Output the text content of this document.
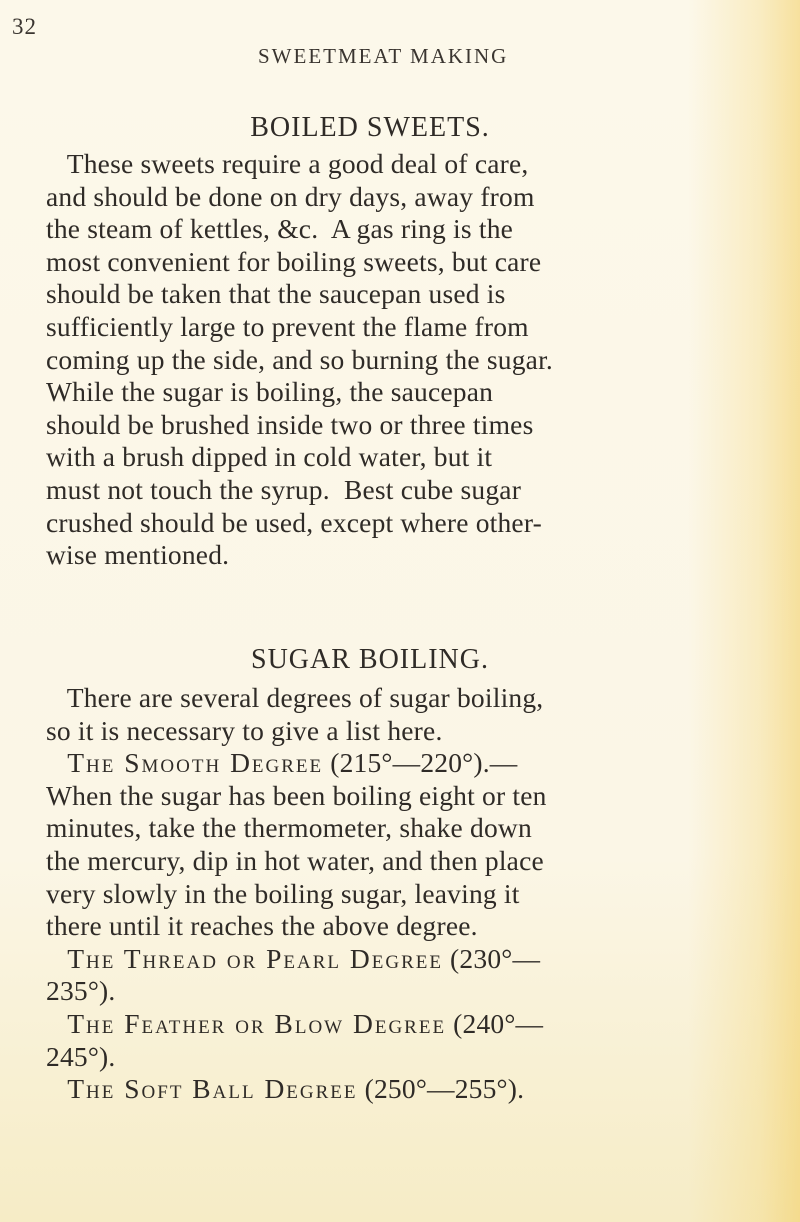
32
SWEETMEAT MAKING
BOILED SWEETS.
These sweets require a good deal of care,
and should be done on dry days, away from
the steam of kettles, &c.  A gas ring is the
most convenient for boiling sweets, but care
should be taken that the saucepan used is
sufficiently large to prevent the flame from
coming up the side, and so burning the sugar.
While the sugar is boiling, the saucepan
should be brushed inside two or three times
with a brush dipped in cold water, but it
must not touch the syrup.  Best cube sugar
crushed should be used, except where other-
wise mentioned.
SUGAR BOILING.
There are several degrees of sugar boiling,
so it is necessary to give a list here.
The Smooth Degree (215°—220°).—
When the sugar has been boiling eight or ten
minutes, take the thermometer, shake down
the mercury, dip in hot water, and then place
very slowly in the boiling sugar, leaving it
there until it reaches the above degree.
The Thread or Pearl Degree (230°—
235°).
The Feather or Blow Degree (240°—
245°).
The Soft Ball Degree (250°—255°).
